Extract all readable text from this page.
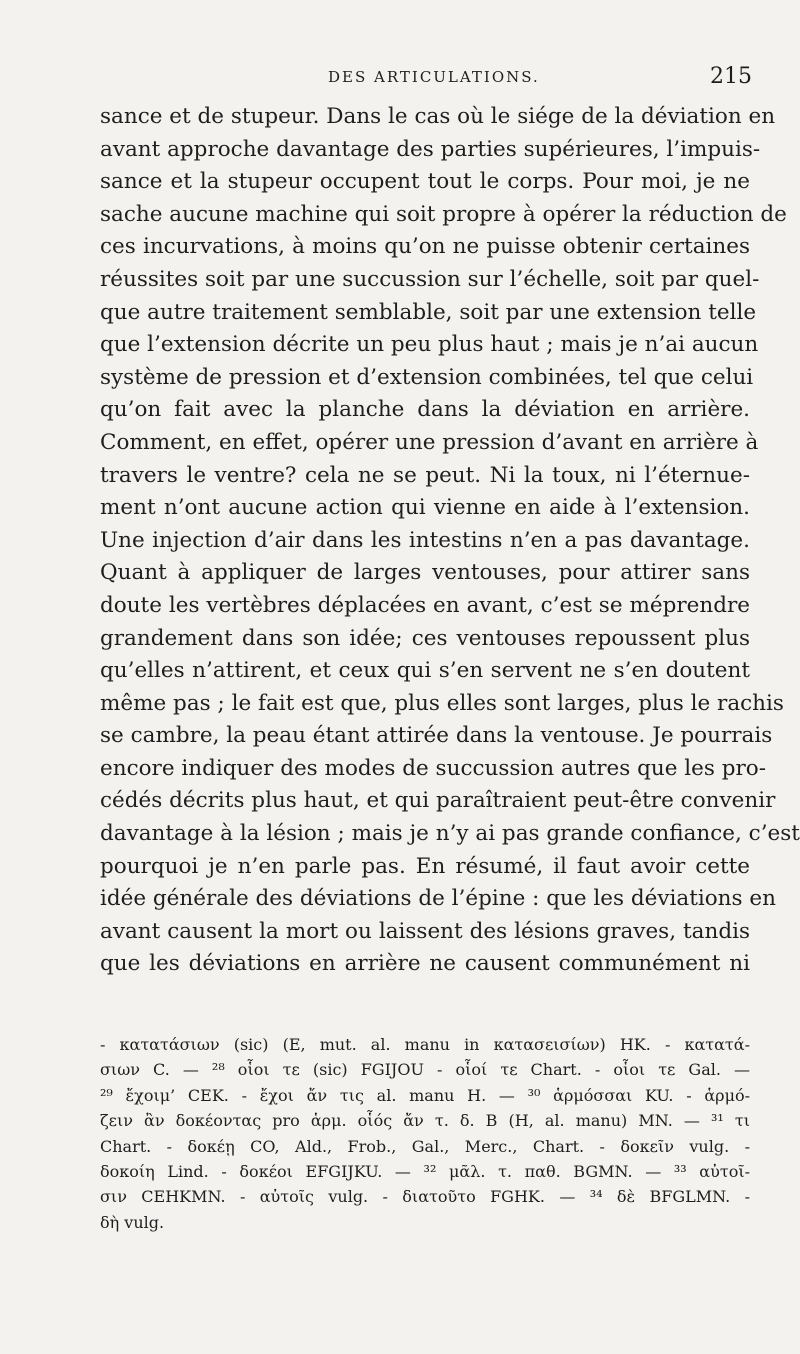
DES ARTICULATIONS.	215
sance et de stupeur. Dans le cas où le siége de la déviation en
avant approche davantage des parties supérieures, l’impuis-
sance et la stupeur occupent tout le corps. Pour moi, je ne
sache aucune machine qui soit propre à opérer la réduction de
ces incurvations, à moins qu’on ne puisse obtenir certaines
réussites soit par une succussion sur l’échelle, soit par quel-
que autre traitement semblable, soit par une extension telle
que l’extension décrite un peu plus haut ; mais je n’ai aucun
système de pression et d’extension combinées, tel que celui
qu’on fait avec la planche dans la déviation en arrière.
Comment, en effet, opérer une pression d’avant en arrière à
travers le ventre? cela ne se peut. Ni la toux, ni l’éternue-
ment n’ont aucune action qui vienne en aide à l’extension.
Une injection d’air dans les intestins n’en a pas davantage.
Quant à appliquer de larges ventouses, pour attirer sans
doute les vertèbres déplacées en avant, c’est se méprendre
grandement dans son idée; ces ventouses repoussent plus
qu’elles n’attirent, et ceux qui s’en servent ne s’en doutent
même pas ; le fait est que, plus elles sont larges, plus le rachis
se cambre, la peau étant attirée dans la ventouse. Je pourrais
encore indiquer des modes de succussion autres que les pro-
cédés décrits plus haut, et qui paraîtraient peut-être convenir
davantage à la lésion ; mais je n’y ai pas grande confiance, c’est
pourquoi je n’en parle pas. En résumé, il faut avoir cette
idée générale des déviations de l’épine : que les déviations en
avant causent la mort ou laissent des lésions graves, tandis
que les déviations en arrière ne causent communément ni
- κατατάσιων (sic) (E, mut. al. manu in κατασεισίων) HK. - κατατά-
σιων C. — ²⁸ οἷοι τε (sic) FGIJOU - οἷοί τε Chart. - οἷοι τε Gal. —
²⁹ ἔχοιμ’ CEK. - ἔχοι ἄν τις al. manu H. — ³⁰ ἁρμόσσαι KU. - ἁρμό-
ζειν ἂν δοκέοντας pro ἁρμ. οἷός ἄν τ. δ. B (H, al. manu) MN. — ³¹ τι
Chart. - δοκέῃ CO, Ald., Frob., Gal., Merc., Chart. - δοκεῖν vulg. -
δοκοίη Lind. - δοκέοι EFGIJKU. — ³² μᾶλ. τ. παθ. BGMN. — ³³ αὐτοῖ-
σιν CEHKMN. - αὐτοῖς vulg. - διατοῦτο FGHK. — ³⁴ δὲ BFGLMN. -
δὴ vulg.
